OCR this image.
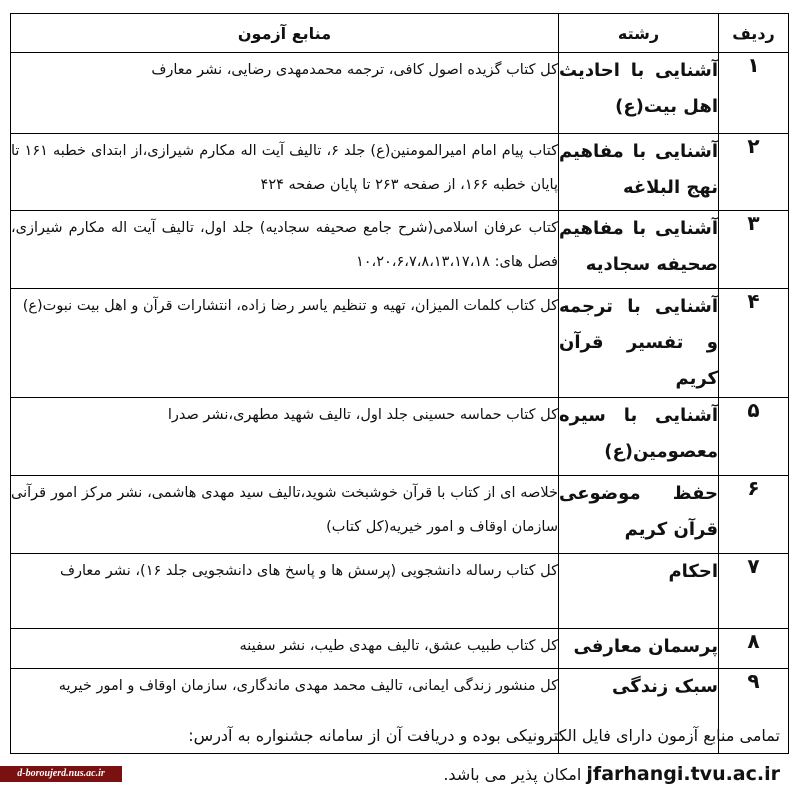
ردیف	رشته	منابع آزمون
۱	آشنایی با احادیث اهل بیت(ع)	کل کتاب گزیده اصول کافی، ترجمه محمدمهدی رضایی، نشر معارف
۲	آشنایی با مفاهیم نهج البلاغه	کتاب پیام امام امیرالمومنین(ع) جلد ۶، تالیف آیت اله مکارم شیرازی،از ابتدای خطبه ۱۶۱ تا پایان خطبه ۱۶۶، از صفحه ۲۶۳ تا پایان صفحه ۴۲۴
۳	آشنایی با مفاهیم صحیفه سجادیه	کتاب عرفان اسلامی(شرح جامع صحیفه سجادیه) جلد اول، تالیف آیت اله مکارم شیرازی، فصل های: ۱۰،۲۰،۶،۷،۸،۱۳،۱۷،۱۸
۴	آشنایی با ترجمه و تفسیر قرآن کریم	کل کتاب کلمات المیزان، تهیه و تنظیم یاسر رضا زاده، انتشارات قرآن و اهل بیت نبوت(ع)
۵	آشنایی با سیره معصومین(ع)	کل کتاب حماسه حسینی جلد اول، تالیف شهید مطهری،نشر صدرا
۶	حفظ موضوعی قرآن کریم	خلاصه ای از کتاب با قرآن خوشبخت شوید،تالیف سید مهدی هاشمی، نشر مرکز امور قرآنی سازمان اوقاف و امور خیریه(کل کتاب)
۷	احکام	کل کتاب رساله دانشجویی (پرسش ها و پاسخ های دانشجویی جلد ۱۶)، نشر معارف
۸	پرسمان معارفی	کل کتاب طبیب عشق، تالیف مهدی طیب، نشر سفینه
۹	سبک زندگی	کل منشور زندگی ایمانی، تالیف محمد مهدی ماندگاری، سازمان اوقاف و امور خیریه
تمامی منابع آزمون دارای فایل الکترونیکی بوده و دریافت آن از سامانه جشنواره به آدرس:
jfarhangi.tvu.ac.ir امکان پذیر می باشد.
d-boroujerd.nus.ac.ir
